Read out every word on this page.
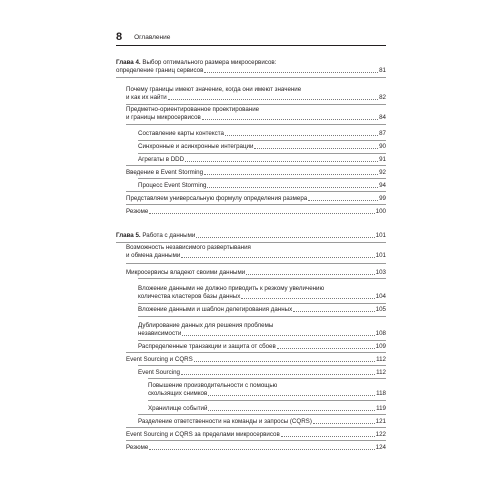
8 Оглавление
Глава 4. Выбор оптимального размера микросервисов:
определение границ сервисов	81
Почему границы имеют значение, когда они имеют значение
и как их найти	82
Предметно-ориентированное проектирование
и границы микросервисов	84
Составление карты контекста	87
Синхронные и асинхронные интеграции	90
Агрегаты в DDD	91
Введение в Event Storming	92
Процесс Event Storming	94
Представляем универсальную формулу определения размера	99
Резюме	100
Глава 5. Работа с данными	101
Возможность независимого развертывания
и обмена данными	101
Микросервисы владеют своими данными	103
Вложение данными не должно приводить к резкому увеличению
количества кластеров базы данных	104
Вложение данными и шаблон делегирования данных	105
Дублирование данных для решения проблемы
независимости	108
Распределенные транзакции и защита от сбоев	109
Event Sourcing и CQRS	112
Event Sourcing	112
Повышение производительности с помощью
скользящих снимков	118
Хранилище событий	119
Разделение ответственности на команды и запросы (CQRS)	121
Event Sourcing и CQRS за пределами микросервисов	122
Резюме	124
